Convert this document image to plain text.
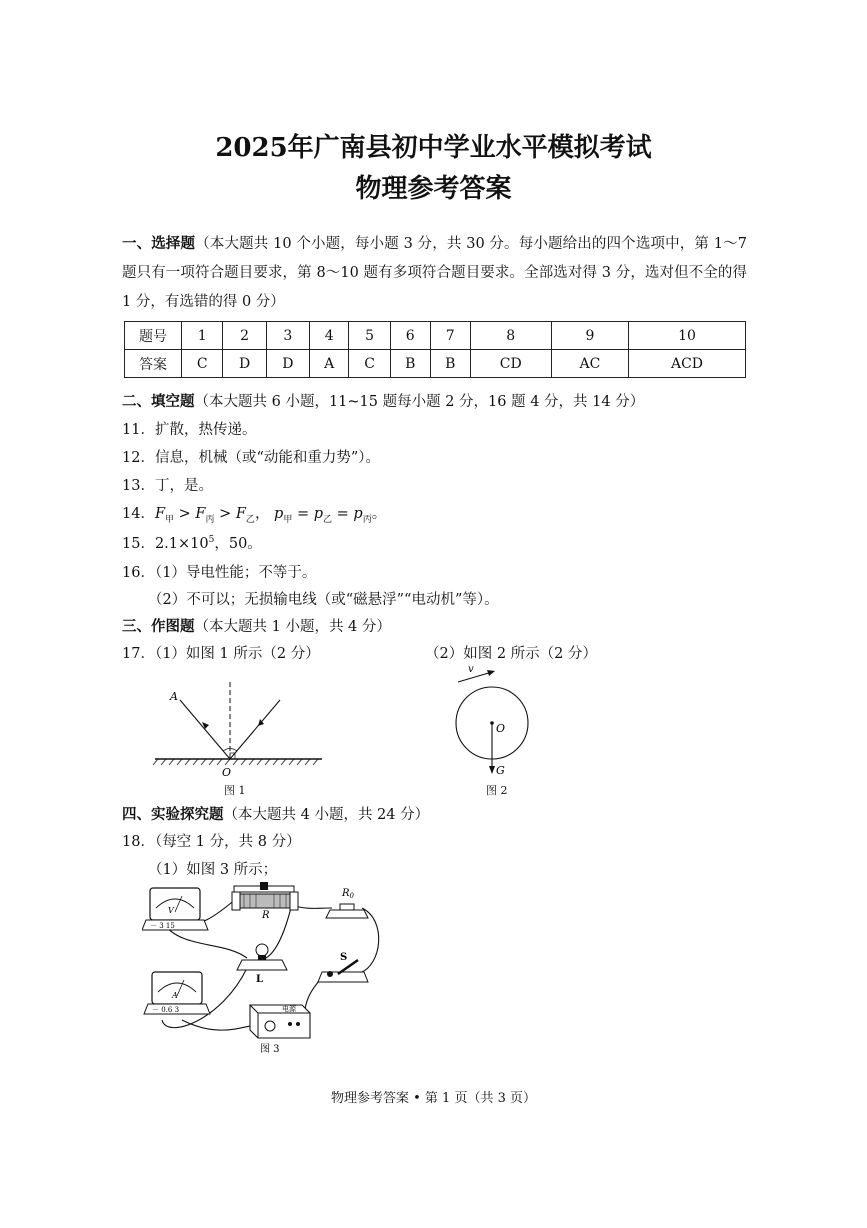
2025年广南县初中学业水平模拟考试
物理参考答案
一、选择题（本大题共 10 个小题，每小题 3 分，共 30 分。每小题给出的四个选项中，第 1～7 题只有一项符合题目要求，第 8～10 题有多项符合题目要求。全部选对得 3 分，选对但不全的得 1 分，有选错的得 0 分）
题号	1	2	3	4	5	6	7	8	9	10
答案	C	D	D	A	C	B	B	CD	AC	ACD
二、填空题（本大题共 6 小题，11~15 题每小题 2 分，16 题 4 分，共 14 分）
11．扩散，热传递。
12．信息，机械（或“动能和重力势”）。
13．丁，是。
14．$F_甲 > F_丙 > F_乙$， $p_甲 = p_乙 = p_丙$。
15．$2.1\times 10^5$，50。
16．（1）导电性能；不等于。
（2）不可以；无损输电线（或“磁悬浮”“电动机”等）。
三、作图题（本大题共 1 小题，共 4 分）
17．（1）如图 1 所示（2 分）	（2）如图 2 所示（2 分）
A
O
图 1
v
O
G
图 2
四、实验探究题（本大题共 4 小题，共 24 分）
18．（每空 1 分，共 8 分）
（1）如图 3 所示；
V
－ 3 15
R
$R_0$
L
S
A
－ 0.6 3	电源
图 3
物理参考答案 • 第 1 页（共 3 页）
